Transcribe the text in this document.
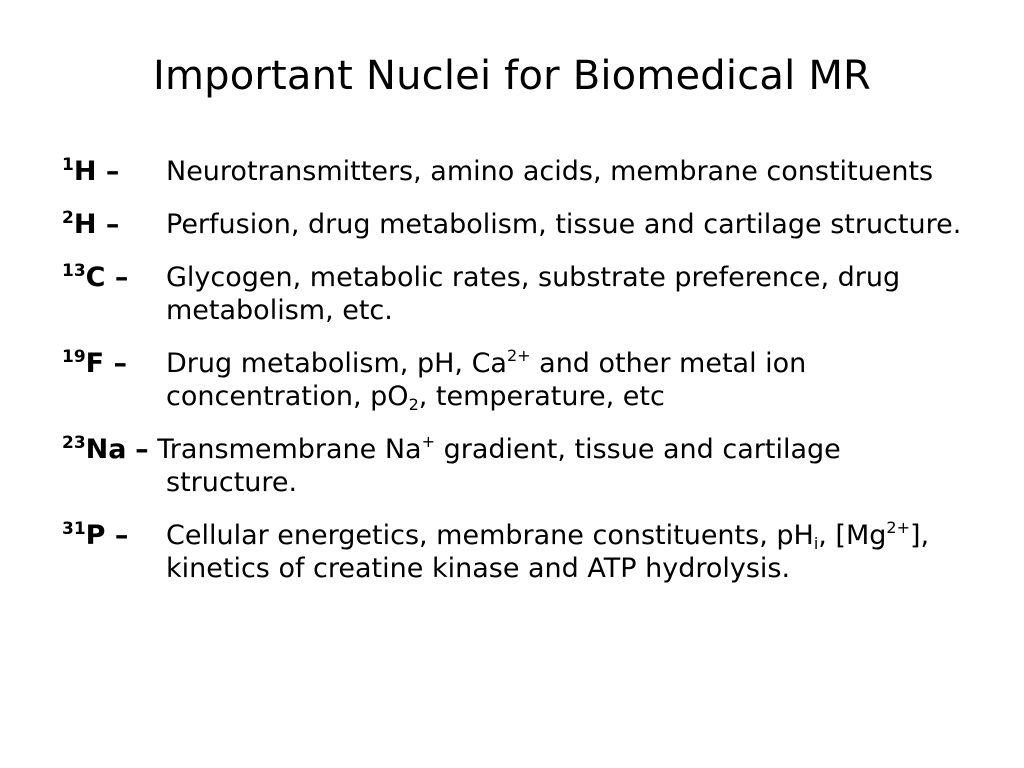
Important Nuclei for Biomedical MR
$^1$H –	Neurotransmitters, amino acids, membrane constituents
$^2$H –	Perfusion, drug metabolism, tissue and cartilage structure.
$^{13}$C –	Glycogen, metabolic rates, substrate preference, drug metabolism, etc.
$^{19}$F –	Drug metabolism, pH, $Ca^{2+}$ and other metal ion concentration, $pO_2$, temperature, etc
$^{23}$Na – Transmembrane Na+ gradient, tissue and cartilage
structure.
$^{31}$P –	Cellular energetics, membrane constituents, $pH_i$, $[Mg^{2+}]$, kinetics of creatine kinase and ATP hydrolysis.
